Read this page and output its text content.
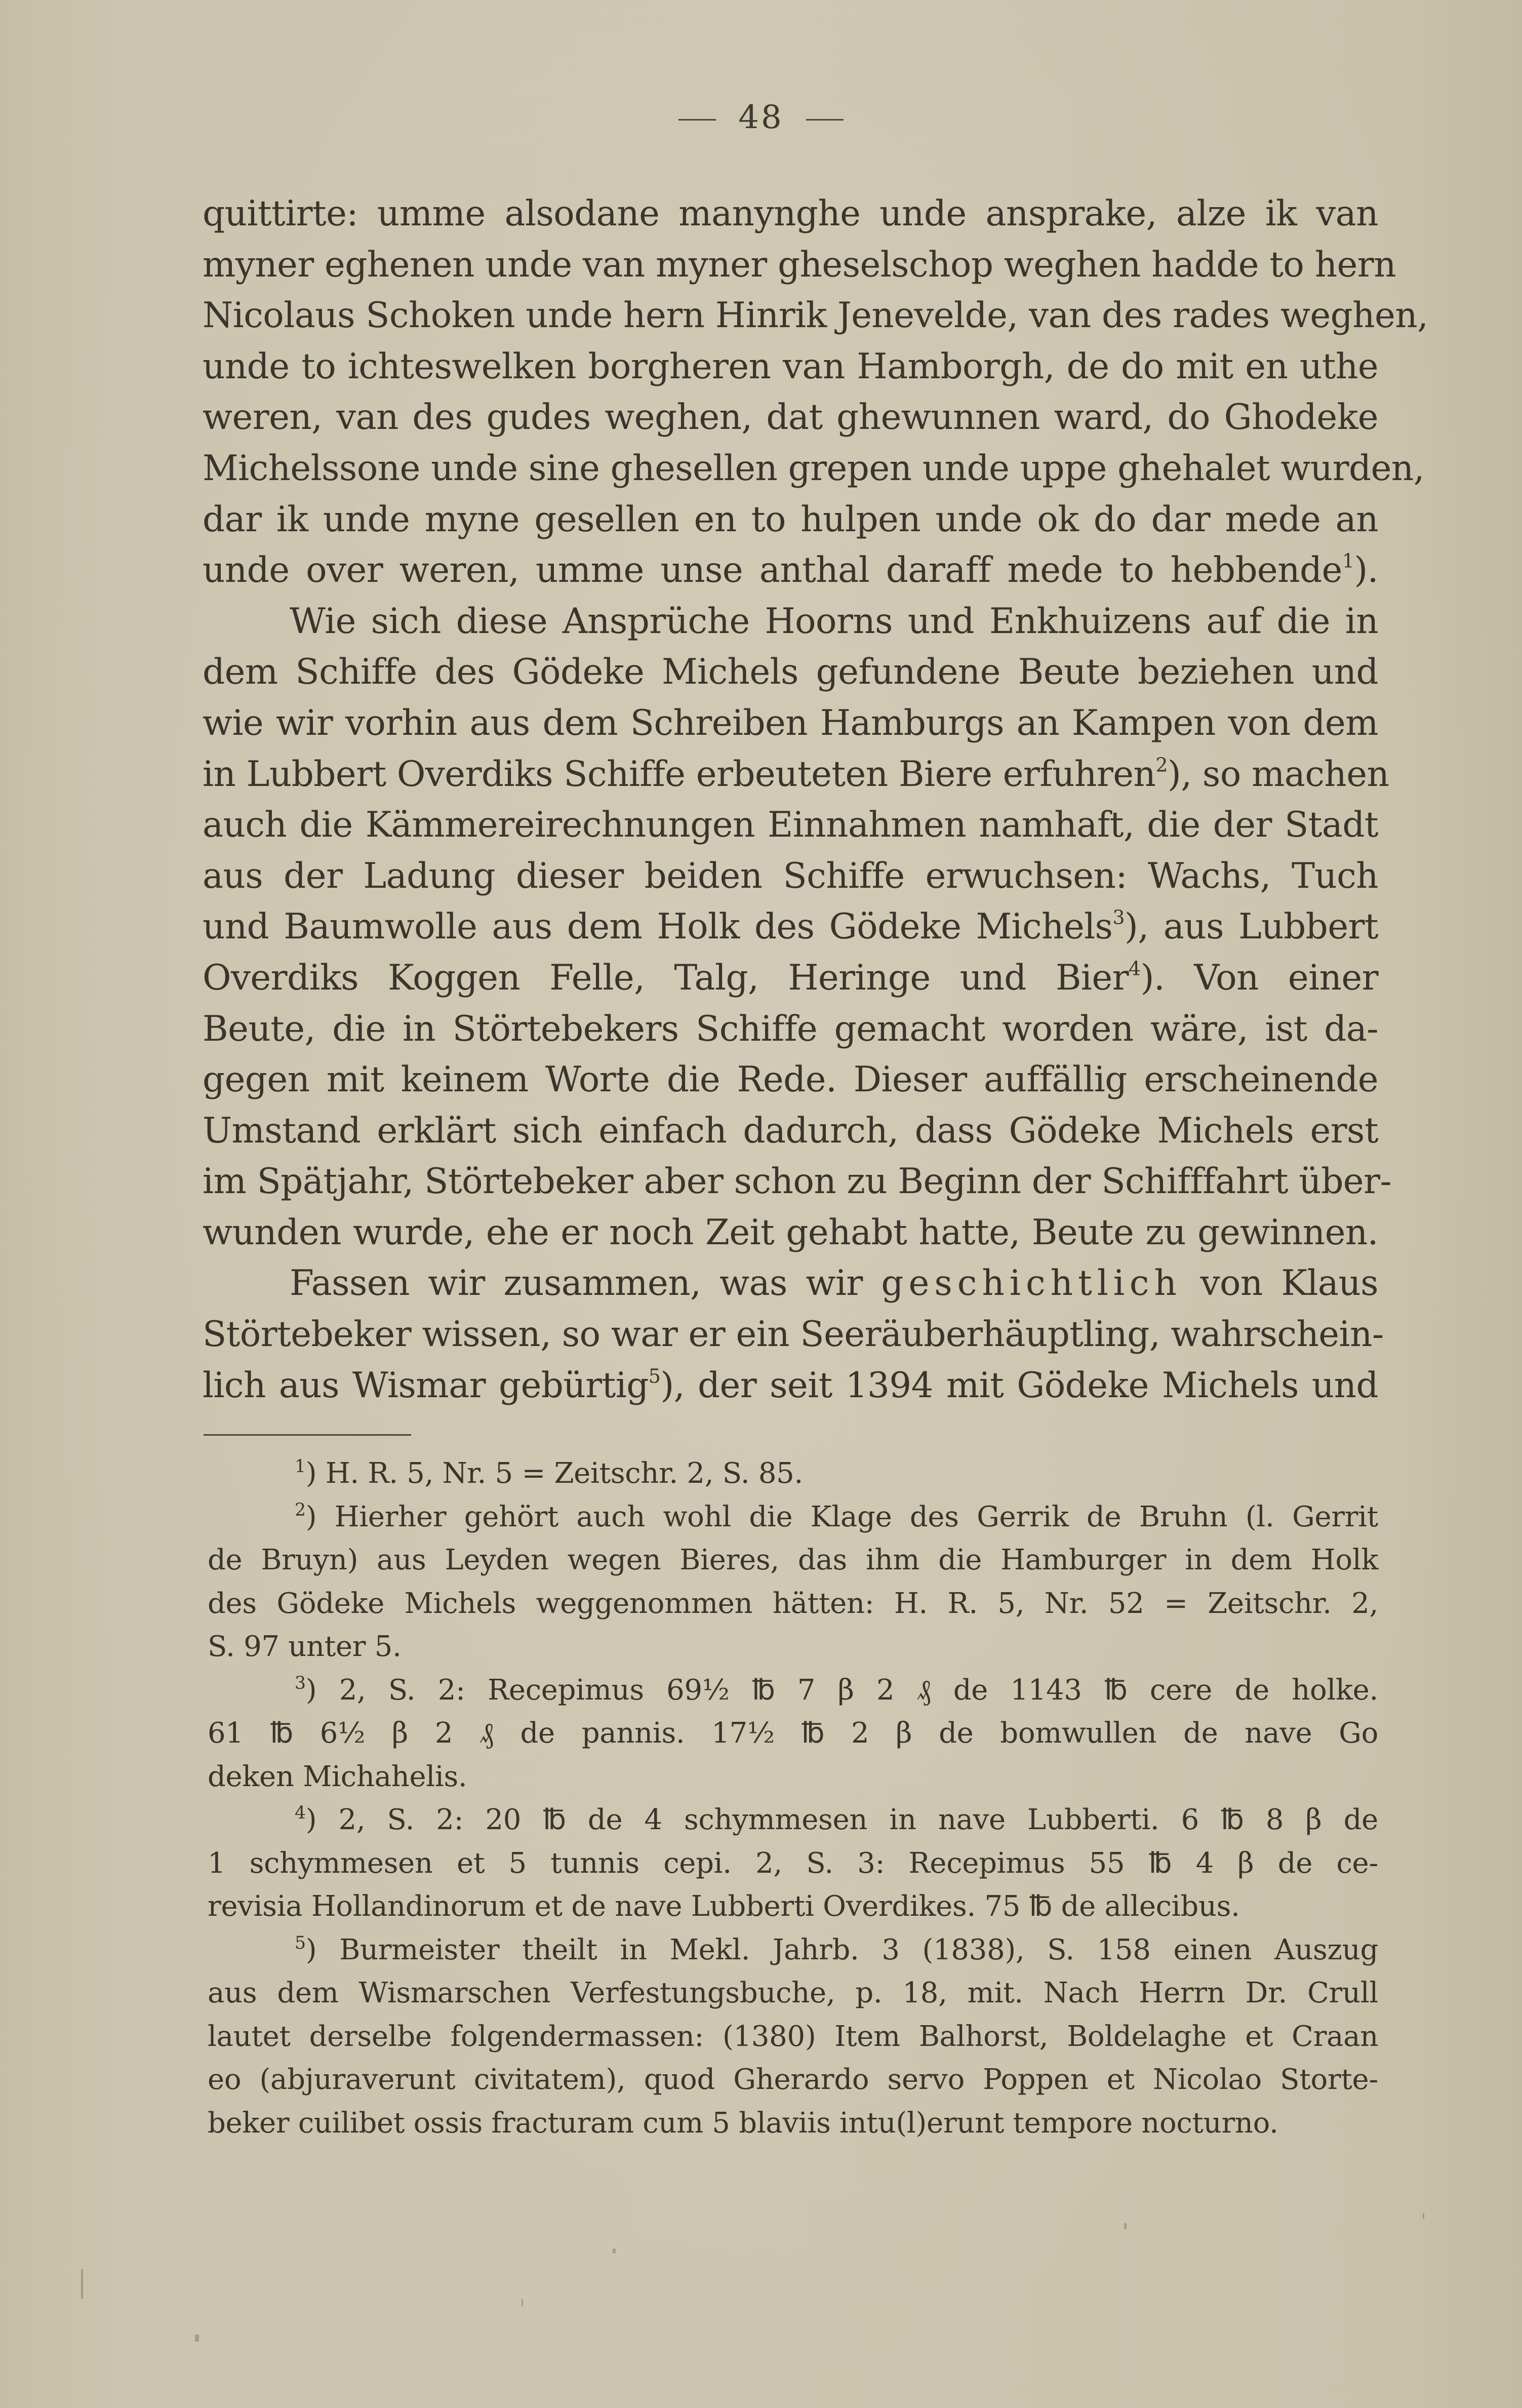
48
quittirte: umme alsodane manynghe unde ansprake, alze ik van
myner eghenen unde van myner gheselschop weghen hadde to hern
Nicolaus Schoken unde hern Hinrik Jenevelde, van des rades weghen,
unde to ichteswelken borgheren van Hamborgh, de do mit en uthe
weren, van des gudes weghen, dat ghewunnen ward, do Ghodeke
Michelssone unde sine ghesellen grepen unde uppe ghehalet wurden,
dar ik unde myne gesellen en to hulpen unde ok do dar mede an
unde over weren, umme unse anthal daraff mede to hebbende$^1$).
Wie sich diese Ansprüche Hoorns und Enkhuizens auf die in
dem Schiffe des Gödeke Michels gefundene Beute beziehen und
wie wir vorhin aus dem Schreiben Hamburgs an Kampen von dem
in Lubbert Overdiks Schiffe erbeuteten Biere erfuhren$^2$), so machen
auch die Kämmereirechnungen Einnahmen namhaft, die der Stadt
aus der Ladung dieser beiden Schiffe erwuchsen: Wachs, Tuch
und Baumwolle aus dem Holk des Gödeke Michels$^3$), aus Lubbert
Overdiks Koggen Felle, Talg, Heringe und Bier$^4$). Von einer
Beute, die in Störtebekers Schiffe gemacht worden wäre, ist da-
gegen mit keinem Worte die Rede. Dieser auffällig erscheinende
Umstand erklärt sich einfach dadurch, dass Gödeke Michels erst
im Spätjahr, Störtebeker aber schon zu Beginn der Schifffahrt über-
wunden wurde, ehe er noch Zeit gehabt hatte, Beute zu gewinnen.
Fassen wir zusammen, was wir geschichtlich von Klaus
Störtebeker wissen, so war er ein Seeräuberhäuptling, wahrschein-
lich aus Wismar gebürtig$^5$), der seit 1394 mit Gödeke Michels und
$^1$) H. R. 5, Nr. 5 = Zeitschr. 2, S. 85.
$^2$) Hierher gehört auch wohl die Klage des Gerrik de Bruhn (l. Gerrit
de Bruyn) aus Leyden wegen Bieres, das ihm die Hamburger in dem Holk
des Gödeke Michels weggenommen hätten: H. R. 5, Nr. 52 = Zeitschr. 2,
S. 97 unter 5.
$^3$) 2, S. 2: Recepimus 69½ ℔ 7 β 2 ₰ de 1143 ℔ cere de holke.
61 ℔ 6½ β 2 ₰ de pannis. 17½ ℔ 2 β de bomwullen de nave Go
deken Michahelis.
$^4$) 2, S. 2: 20 ℔ de 4 schymmesen in nave Lubberti. 6 ℔ 8 β de
1 schymmesen et 5 tunnis cepi. 2, S. 3: Recepimus 55 ℔ 4 β de ce-
revisia Hollandinorum et de nave Lubberti Overdikes. 75 ℔ de allecibus.
$^5$) Burmeister theilt in Mekl. Jahrb. 3 (1838), S. 158 einen Auszug
aus dem Wismarschen Verfestungsbuche, p. 18, mit. Nach Herrn Dr. Crull
lautet derselbe folgendermassen: (1380) Item Balhorst, Boldelaghe et Craan
eo (abjuraverunt civitatem), quod Gherardo servo Poppen et Nicolao Storte-
beker cuilibet ossis fracturam cum 5 blaviis intu(l)erunt tempore nocturno.
